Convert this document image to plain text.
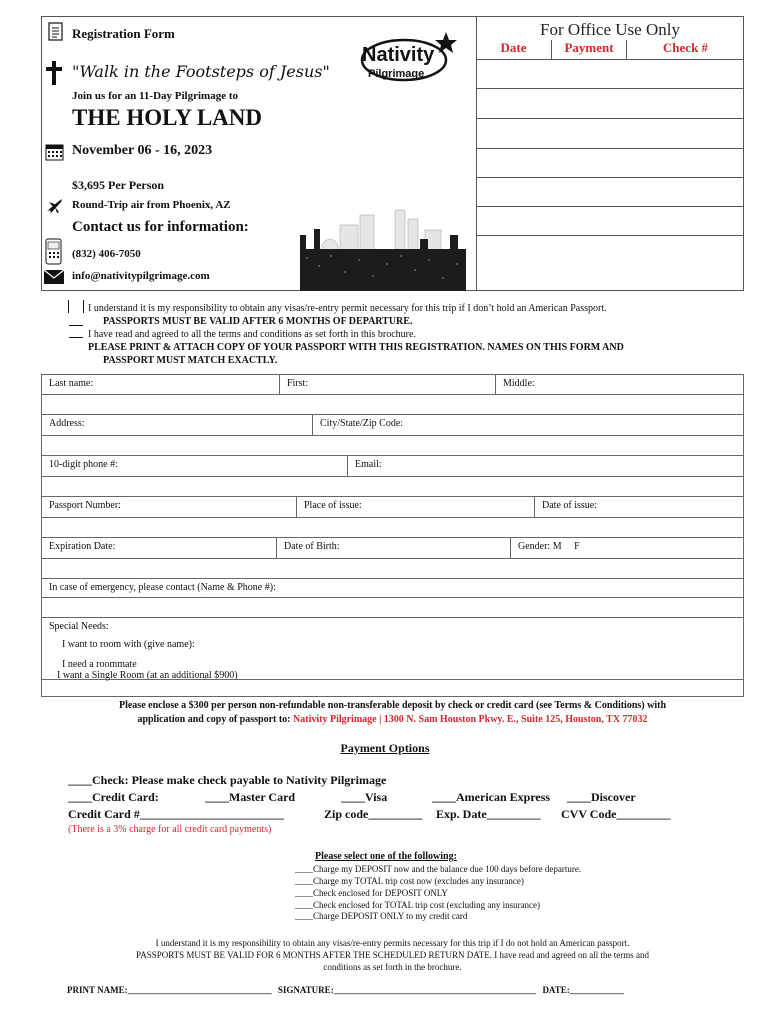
Registration Form
"Walk in the Footsteps of Jesus"
Join us for an 11-Day Pilgrimage to
THE HOLY LAND
November 06 - 16, 2023
$3,695 Per Person
Round-Trip air from Phoenix, AZ
Contact us for information:
(832) 406-7050
info@nativitypilgrimage.com
Nativity
Pilgrimage
For Office Use Only
Date	Payment	Check #
I understand it is my responsibility to obtain any visas/re-entry permit necessary for this trip if I don’t hold an American Passport.
PASSPORTS MUST BE VALID AFTER 6 MONTHS OF DEPARTURE.
I have read and agreed to all the terms and conditions as set forth in this brochure.
PLEASE PRINT & ATTACH COPY OF YOUR PASSPORT WITH THIS REGISTRATION. NAMES ON THIS FORM AND
PASSPORT MUST MATCH EXACTLY.
Last name:	First:	Middle:
Address:	City/State/Zip Code:
10-digit phone #:	Email:
Passport Number:	Place of issue:	Date of issue:
Expiration Date:	Date of Birth:	Gender: M     F
In case of emergency, please contact (Name & Phone #):
Special Needs:
I want to room with (give name):
I need a roommate
I want a Single Room (at an additional $900)
Please enclose a $300 per person non-refundable non-transferable deposit by check or credit card (see Terms & Conditions) with
application and copy of passport to: Nativity Pilgrimage | 1300 N. Sam Houston Pkwy. E., Suite 125, Houston, TX 77032
Payment Options
____Check: Please make check payable to Nativity Pilgrimage
____Credit Card:	____Master Card	____Visa	____American Express ____Discover
Credit Card #________________________	Zip code_________ Exp. Date_________ CVV Code_________
(There is a 3% charge for all credit card payments)
Please select one of the following:
____Charge my DEPOSIT now and the balance due 100 days before departure.
____Charge my TOTAL trip cost now (excludes any insurance)
____Check enclosed for DEPOSIT ONLY
____Check enclosed for TOTAL trip cost (excluding any insurance)
____Charge DEPOSIT ONLY to my credit card
I understand it is my responsibility to obtain any visas/re-entry permits necessary for this trip if I do not hold an American passport.
PASSPORTS MUST BE VALID FOR 6 MONTHS AFTER THE SCHEDULED RETURN DATE. I have read and agreed on all the terms and
conditions as set forth in the brochure.
PRINT NAME:________________________________ SIGNATURE:_____________________________________________ DATE:____________
